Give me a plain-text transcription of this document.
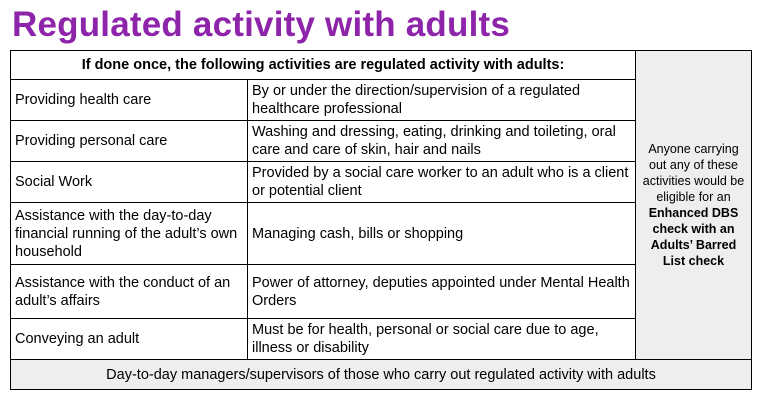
Regulated activity with adults
If done once, the following activities are regulated activity with adults:
Providing health care
By or under the direction/supervision of a regulated healthcare professional
Providing personal care
Washing and dressing, eating, drinking and toileting, oral care and care of skin, hair and nails
Social Work
Provided by a social care worker to an adult who is a client or potential client
Assistance with the day-to-day financial running of the adult’s own household
Managing cash, bills or shopping
Assistance with the conduct of an adult’s affairs
Power of attorney, deputies appointed under Mental Health Orders
Conveying an adult
Must be for health, personal or social care due to age, illness or disability
Anyone carrying out any of these activities would be eligible for an Enhanced DBS check with an Adults’ Barred List check
Day-to-day managers/supervisors of those who carry out regulated activity with adults
